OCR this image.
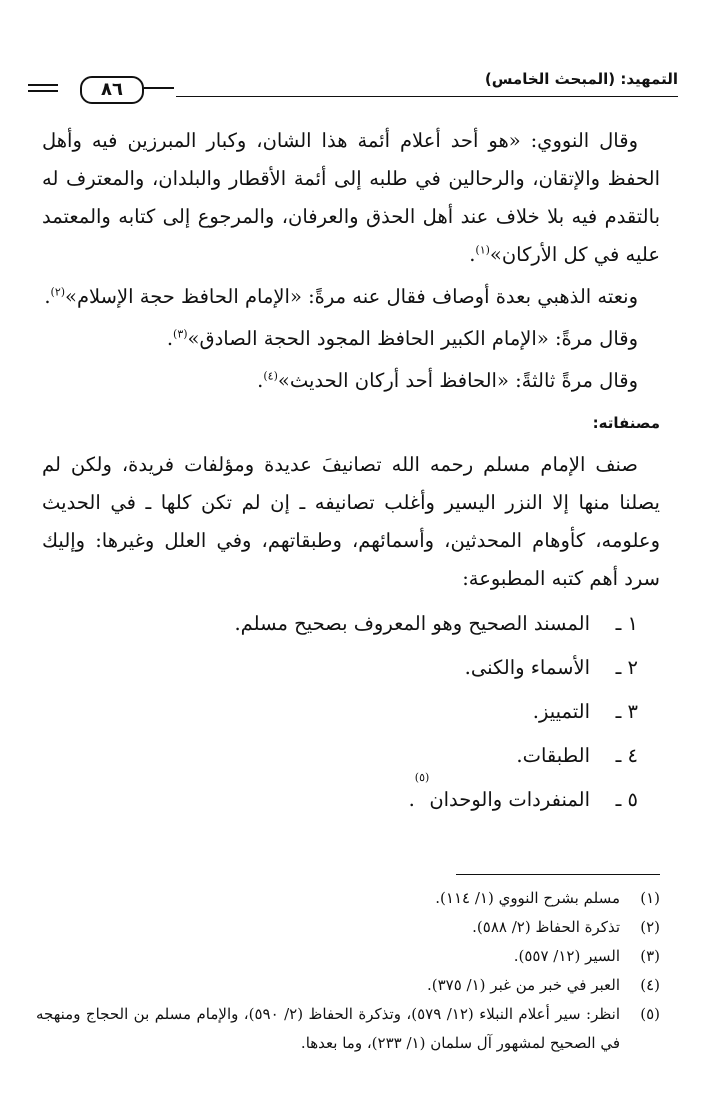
التمهيد: (المبحث الخامس)
٨٦

وقال النووي: «هو أحد أعلام أئمة هذا الشان، وكبار المبرزين فيه وأهل الحفظ والإتقان، والرحالين في طلبه إلى أئمة الأقطار والبلدان، والمعترف له بالتقدم فيه بلا خلاف عند أهل الحذق والعرفان، والمرجوع إلى كتابه والمعتمد عليه في كل الأركان»$^{(١)}$.

ونعته الذهبي بعدة أوصاف فقال عنه مرةً: «الإمام الحافظ حجة الإسلام»$^{(٢)}$.

وقال مرةً: «الإمام الكبير الحافظ المجود الحجة الصادق»$^{(٣)}$.

وقال مرةً ثالثةً: «الحافظ أحد أركان الحديث»$^{(٤)}$.

مصنفاته:

صنف الإمام مسلم رحمه الله تصانيفَ عديدة ومؤلفات فريدة، ولكن لم يصلنا منها إلا النزر اليسير وأغلب تصانيفه ـ إن لم تكن كلها ـ في الحديث وعلومه، كأوهام المحدثين، وأسمائهم، وطبقاتهم، وفي العلل وغيرها: وإليك سرد أهم كتبه المطبوعة:

١ ـ
المسند الصحيح وهو المعروف بصحيح مسلم.
٢ ـ
الأسماء والكنى.
٣ ـ
التمييز.
٤ ـ
الطبقات.
٥ ـ
المنفردات والوحدان
(٥)
.
(١)
مسلم بشرح النووي (١/ ١١٤).
(٢)
تذكرة الحفاظ (٢/ ٥٨٨).
(٣)
السير (١٢/ ٥٥٧).
(٤)
العبر في خبر من غبر (١/ ٣٧٥).
(٥)
انظر: سير أعلام النبلاء (١٢/ ٥٧٩)، وتذكرة الحفاظ (٢/ ٥٩٠)، والإمام مسلم بن الحجاج ومنهجه في الصحيح لمشهور آل سلمان (١/ ٢٣٣)، وما بعدها.
